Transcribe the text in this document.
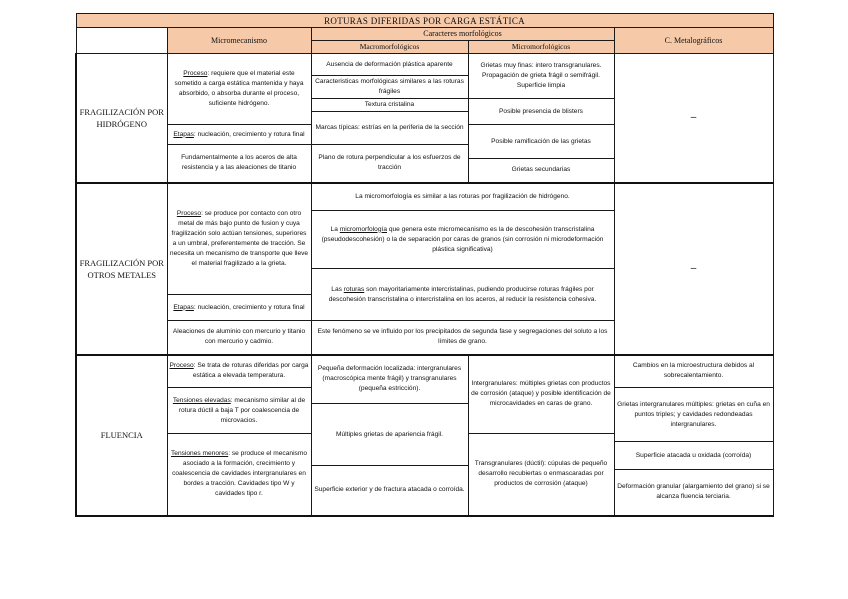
ROTURAS DIFERIDAS POR CARGA ESTÁTICA				
	Micromecanismo	Caracteres morfológicos		C. Metalográficos
		Macromorfológicos	Micromorfológicos	
FRAGILIZACIÓN POR HIDRÓGENO	Proceso: requiere que el material este sometido a carga estática mantenida y haya absorbido, o absorba durante el proceso, suficiente hidrógeno.	Ausencia de deformación plástica aparente	Grietas muy finas: intero transgranulares. Propagación de grieta frágil o semifrágil. Superficie limpia	–
		Caracteristicas morfológicas similares a las roturas frágiles		
		Textura cristalina	Posible presencia de blisters	
		Marcas típicas: estrías en la periferia de la sección		
	Etapas: nucleación, crecimiento y rotura final		Posible ramificación de las grietas	
	Fundamentalmente a los aceros de alta resistencia y a las aleaciones de titanio	Plano de rotura perpendicular a los esfuerzos de tracción		
			Grietas secundarias	
FRAGILIZACIÓN POR OTROS METALES	Proceso: se produce por contacto con otro metal de más bajo punto de fusion y cuya fragilización solo actúan tensiones, superiores a un umbral, preferentemente de tracción. Se necesita un mecanismo de transporte que lleve el material fragilizado a la grieta.	La micromorfología es similar a las roturas por fragilización de hidrógeno.		–
		La micromorfología que genera este micromecanismo es la de descohesión transcristalina (pseudodescohesión) o la de separación por caras de granos (sin corrosión ni microdeformación plástica significativa)		
		Las roturas son mayoritariamente intercristalinas, pudiendo producirse roturas frágiles por descohesión transcristalina o intercristalina en los aceros, al reducir la resistencia cohesiva.		
	Etapas: nucleación, crecimiento y rotura final			
	Aleaciones de aluminio con mercurio y titanio con mercurio y cadmio.	Este fenómeno se ve influido por los precipitados de segunda fase y segregaciones del soluto a los límites de grano.		
FLUENCIA	Proceso: Se trata de roturas diferidas por carga estática a elevada temperatura.	Pequeña deformación localizada: intergranulares (macroscópica mente frágil) y transgranulares (pequeña estricción).	Intergranulares: múltiples grietas con productos de corrosión (ataque) y posible identificación de microcavidades en caras de grano.	Cambios en la microestructura debidos al sobrecalentamiento.
	Tensiones elevadas: mecanismo similar al de rotura dúctil a baja T por coalescencia de microvacios.			Grietas intergranulares múltiples: grietas en cuña en puntos triples; y cavidades redondeadas intergranulares.
		Múltiples grietas de apariencia frágil.		
	Tensiones menores: se produce el mecanismo asociado a la formación, crecimiento y coalescencia de cavidades intergranulares en bordes a tracción. Cavidades tipo W y cavidades tipo r.		Transgranulares (dúctil): cúpulas de pequeño desarrollo recubiertas o enmascaradas por productos de corrosión (ataque)	
				Superficie atacada u oxidada (corroída)
		Superficie exterior y de fractura atacada o corroída.		
				Deformación granular (alargamiento del grano) si se alcanza fluencia terciaria.
